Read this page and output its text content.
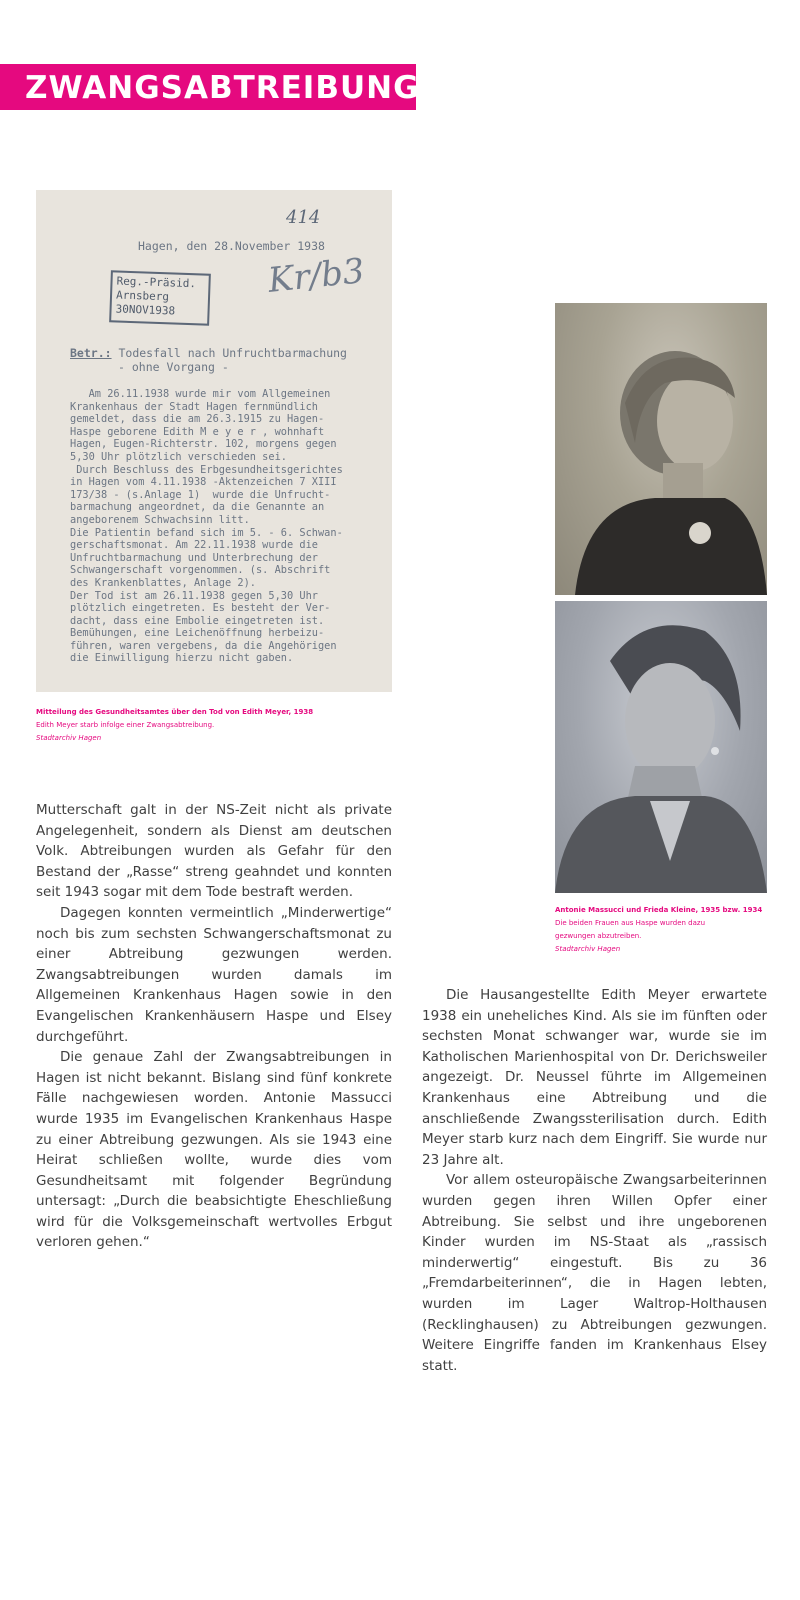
ZWANGSABTREIBUNGEN
414
Hagen, den 28.November 1938
Reg.-Präsid.
Arnsberg
30NOV1938
Kr/b3
Betr.: Todesfall nach Unfruchtbarmachung
- ohne Vorgang -
Am 26.11.1938 wurde mir vom Allgemeinen
Krankenhaus der Stadt Hagen fernmündlich
gemeldet, dass die am 26.3.1915 zu Hagen-
Haspe geborene Edith M e y e r , wohnhaft
Hagen, Eugen-Richterstr. 102, morgens gegen
5,30 Uhr plötzlich verschieden sei.
Durch Beschluss des Erbgesundheitsgerichtes
in Hagen vom 4.11.1938 -Aktenzeichen 7 XIII
173/38 - (s.Anlage 1)  wurde die Unfrucht-
barmachung angeordnet, da die Genannte an
angeborenem Schwachsinn litt.
Die Patientin befand sich im 5. - 6. Schwan-
gerschaftsmonat. Am 22.11.1938 wurde die
Unfruchtbarmachung und Unterbrechung der
Schwangerschaft vorgenommen. (s. Abschrift
des Krankenblattes, Anlage 2).
Der Tod ist am 26.11.1938 gegen 5,30 Uhr
plötzlich eingetreten. Es besteht der Ver-
dacht, dass eine Embolie eingetreten ist.
Bemühungen, eine Leichenöffnung herbeizu-
führen, waren vergebens, da die Angehörigen
die Einwilligung hierzu nicht gaben.
Mitteilung des Gesundheitsamtes über den Tod von Edith Meyer, 1938
Edith Meyer starb infolge einer Zwangsabtreibung.
Stadtarchiv Hagen
Antonie Massucci und Frieda Kleine, 1935 bzw. 1934
Die beiden Frauen aus Haspe wurden dazu
gezwungen abzutreiben.
Stadtarchiv Hagen

Mutterschaft galt in der NS-Zeit nicht als private Angelegenheit, sondern als Dienst am deutschen Volk. Abtreibungen wurden als Gefahr für den Bestand der „Rasse“ streng geahndet und konnten seit 1943 sogar mit dem Tode bestraft werden.

Dagegen konnten vermeintlich „Minderwertige“ noch bis zum sechsten Schwangerschaftsmonat zu einer Abtreibung gezwungen werden. Zwangsabtreibungen wurden damals im Allgemeinen Krankenhaus Hagen sowie in den Evangelischen Krankenhäusern Haspe und Elsey durchgeführt.

Die genaue Zahl der Zwangsabtreibungen in Hagen ist nicht bekannt. Bislang sind fünf konkrete Fälle nachgewiesen worden. Antonie Massucci wurde 1935 im Evangelischen Krankenhaus Haspe zu einer Abtreibung gezwungen. Als sie 1943 eine Heirat schließen wollte, wurde dies vom Gesundheitsamt mit folgender Begründung untersagt: „Durch die beabsichtigte Eheschließung wird für die Volksgemeinschaft wertvolles Erbgut verloren gehen.“

Die Hausangestellte Edith Meyer erwartete 1938 ein uneheliches Kind. Als sie im fünften oder sechsten Monat schwanger war, wurde sie im Katholischen Marienhospital von Dr. Derichsweiler angezeigt. Dr. Neussel führte im Allgemeinen Krankenhaus eine Abtreibung und die anschließende Zwangssterilisation durch. Edith Meyer starb kurz nach dem Eingriff. Sie wurde nur 23 Jahre alt.

Vor allem osteuropäische Zwangsarbeiterinnen wurden gegen ihren Willen Opfer einer Abtreibung. Sie selbst und ihre ungeborenen Kinder wurden im NS-Staat als „rassisch minderwertig“ eingestuft. Bis zu 36 „Fremdarbeiterinnen“, die in Hagen lebten, wurden im Lager Waltrop-Holthausen (Recklinghausen) zu Abtreibungen gezwungen. Weitere Eingriffe fanden im Krankenhaus Elsey statt.
